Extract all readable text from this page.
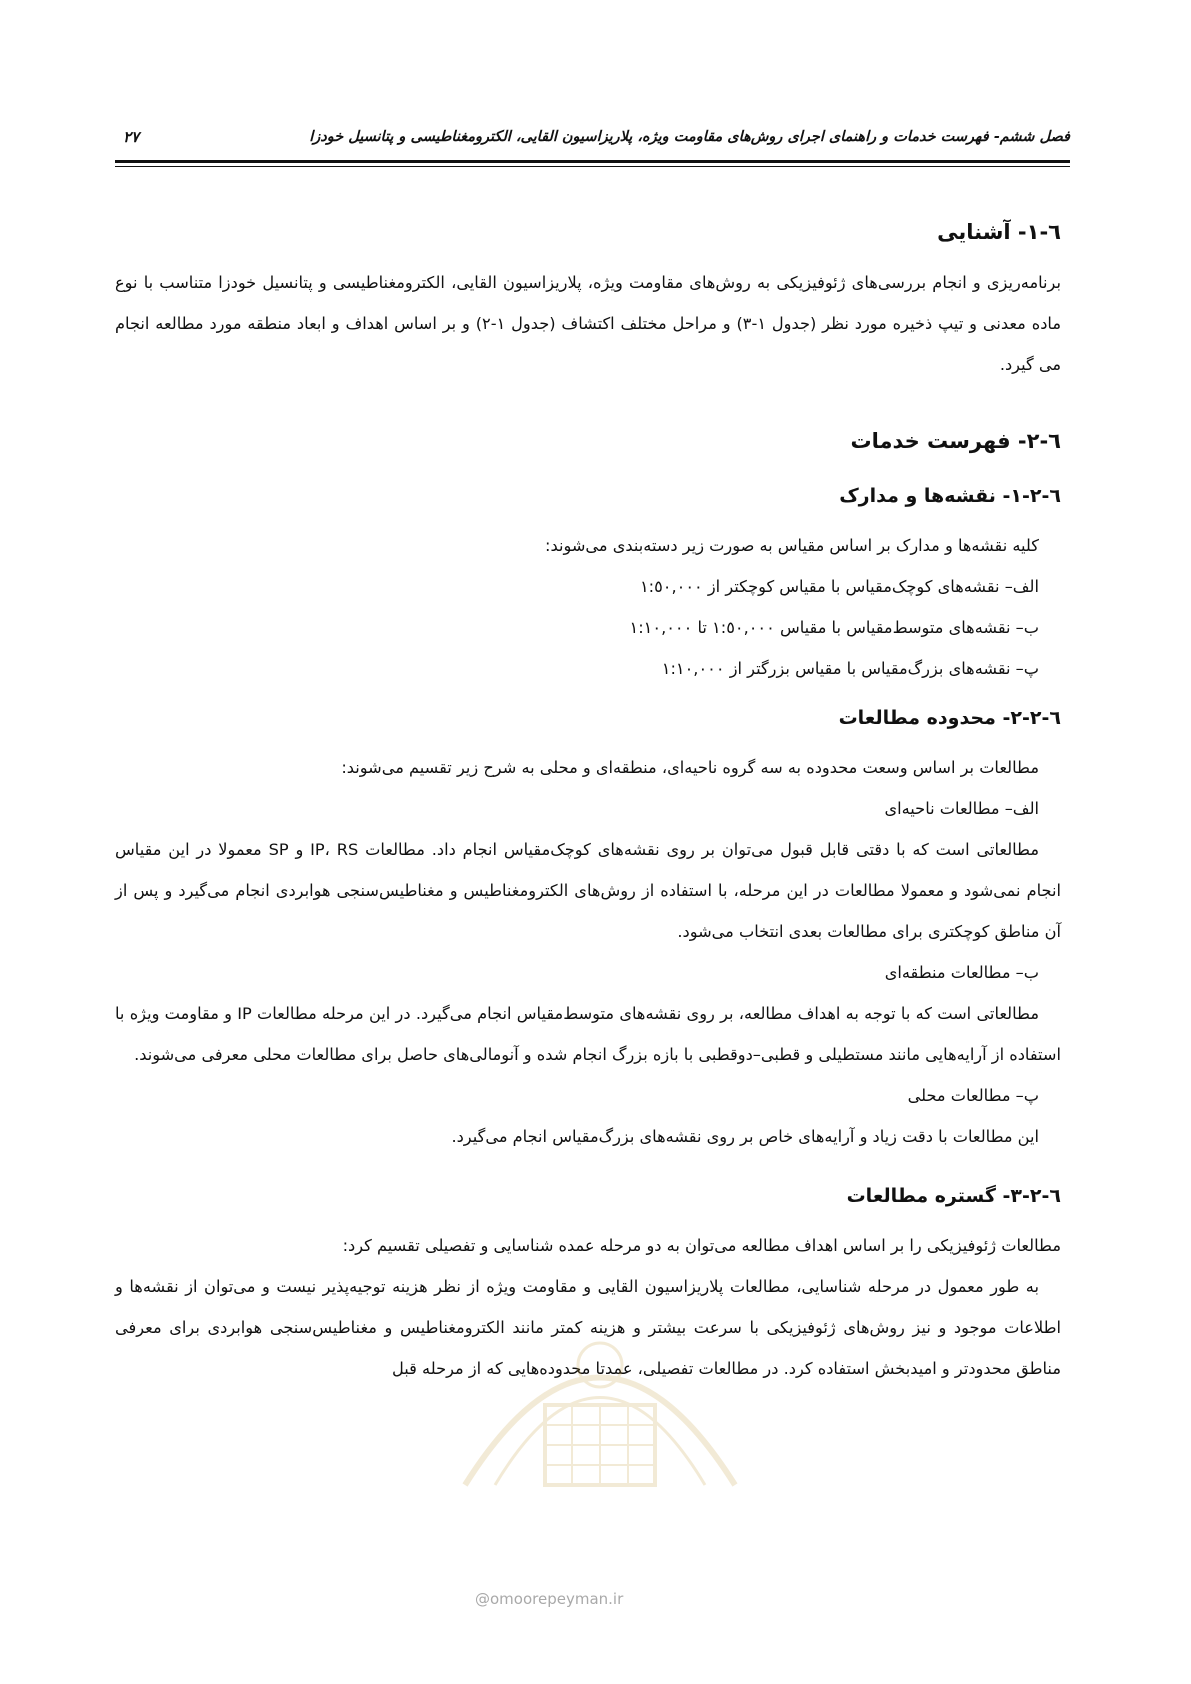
فصل ششم- فهرست خدمات و راهنمای اجرای روش‌های مقاومت ویژه، پلاریزاسیون القایی، الکترومغناطیسی و پتانسیل خودزا
۲۷
٦-١- آشنایی

برنامه‌ریزی و انجام بررسی‌های ژئوفیزیکی به روش‌های مقاومت ویژه، پلاریزاسیون القایی، الکترومغناطیسی و پتانسیل خودزا متناسب با نوع ماده معدنی و تیپ ذخیره مورد نظر (جدول ١-٣) و مراحل مختلف اکتشاف (جدول ١-٢) و بر اساس اهداف و ابعاد منطقه مورد مطالعه انجام می گیرد.

٦-٢- فهرست خدمات
٦-٢-١- نقشه‌ها و مدارک

کلیه نقشه‌ها و مدارک بر اساس مقیاس به صورت زیر دسته‌بندی می‌شوند:

الف– نقشه‌های کوچک‌مقیاس با مقیاس کوچکتر از ١:٥٠,٠٠٠

ب– نقشه‌های متوسط‌مقیاس با مقیاس ١:٥٠,٠٠٠ تا ١:١٠,٠٠٠

پ– نقشه‌های بزرگ‌مقیاس با مقیاس بزرگتر از ١:١٠,٠٠٠

٦-٢-٢- محدوده مطالعات

مطالعات بر اساس وسعت محدوده به سه گروه ناحیه‌ای، منطقه‌ای و محلی به شرح زیر تقسیم می‌شوند:

الف– مطالعات ناحیه‌ای

مطالعاتی است که با دقتی قابل قبول می‌توان بر روی نقشه‌های کوچک‌مقیاس انجام داد. مطالعات IP، RS و SP معمولا در این مقیاس انجام نمی‌شود و معمولا مطالعات در این مرحله، با استفاده از روش‌های الکترومغناطیس و مغناطیس‌سنجی هوابردی انجام می‌گیرد و پس از آن مناطق کوچکتری برای مطالعات بعدی انتخاب می‌شود.

ب– مطالعات منطقه‌ای

مطالعاتی است که با توجه به اهداف مطالعه، بر روی نقشه‌های متوسط‌مقیاس انجام می‌گیرد. در این مرحله مطالعات IP و مقاومت ویژه با استفاده از آرایه‌هایی مانند مستطیلی و قطبی–دوقطبی با بازه بزرگ انجام شده و آنومالی‌های حاصل برای مطالعات محلی معرفی می‌شوند.

پ– مطالعات محلی

این مطالعات با دقت زیاد و آرایه‌های خاص بر روی نقشه‌های بزرگ‌مقیاس انجام می‌گیرد.

٦-٢-٣- گستره مطالعات

مطالعات ژئوفیزیکی را بر اساس اهداف مطالعه می‌توان به دو مرحله عمده شناسایی و تفصیلی تقسیم کرد:

به طور معمول در مرحله شناسایی، مطالعات پلاریزاسیون القایی و مقاومت ویژه از نظر هزینه توجیه‌پذیر نیست و می‌توان از نقشه‌ها و اطلاعات موجود و نیز روش‌های ژئوفیزیکی با سرعت بیشتر و هزینه کمتر مانند الکترومغناطیس و مغناطیس‌سنجی هوابردی برای معرفی مناطق محدودتر و امیدبخش استفاده کرد. در مطالعات تفصیلی، عمدتا محدوده‌هایی که از مرحله قبل

@omoorepeyman.ir
